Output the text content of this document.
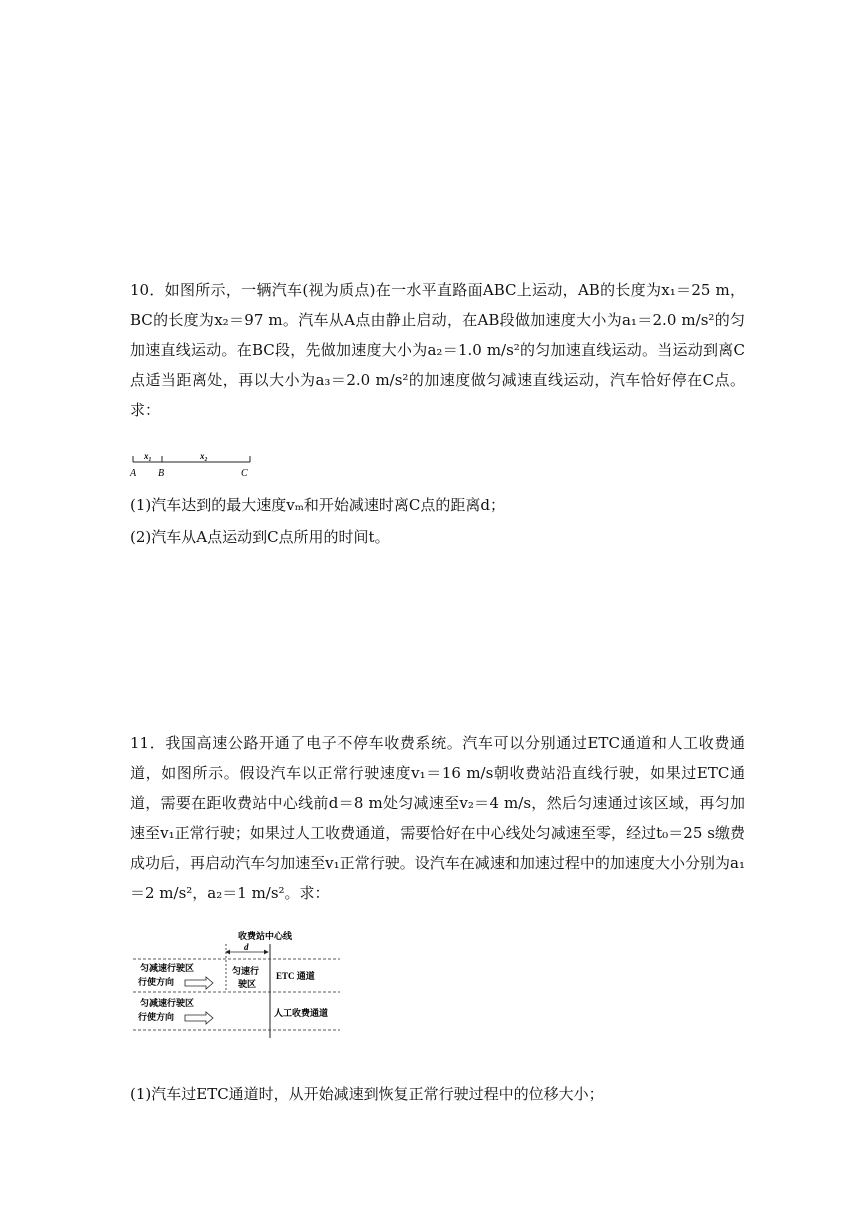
10．如图所示，一辆汽车(视为质点)在一水平直路面ABC上运动，AB的长度为x₁＝25 m，BC的长度为x₂＝97 m。汽车从A点由静止启动，在AB段做加速度大小为a₁＝2.0 m/s²的匀加速直线运动。在BC段，先做加速度大小为a₂＝1.0 m/s²的匀加速直线运动。当运动到离C点适当距离处，再以大小为a₃＝2.0 m/s²的加速度做匀减速直线运动，汽车恰好停在C点。求：
x₁	x₂
A B	C
(1)汽车达到的最大速度vₘ和开始减速时离C点的距离d；
(2)汽车从A点运动到C点所用的时间t。
11．我国高速公路开通了电子不停车收费系统。汽车可以分别通过ETC通道和人工收费通道，如图所示。假设汽车以正常行驶速度v₁＝16 m/s朝收费站沿直线行驶，如果过ETC通道，需要在距收费站中心线前d＝8 m处匀减速至v₂＝4 m/s，然后匀速通过该区域，再匀加速至v₁正常行驶；如果过人工收费通道，需要恰好在中心线处匀减速至零，经过t₀＝25 s缴费成功后，再启动汽车匀加速至v₁正常行驶。设汽车在减速和加速过程中的加速度大小分别为a₁＝2 m/s²，a₂＝1 m/s²。求：
收费站中心线
d
匀减速行驶区
行使方向
匀速行
驶区
ETC 通道
匀减速行驶区
行使方向	人工收费通道
(1)汽车过ETC通道时，从开始减速到恢复正常行驶过程中的位移大小；
